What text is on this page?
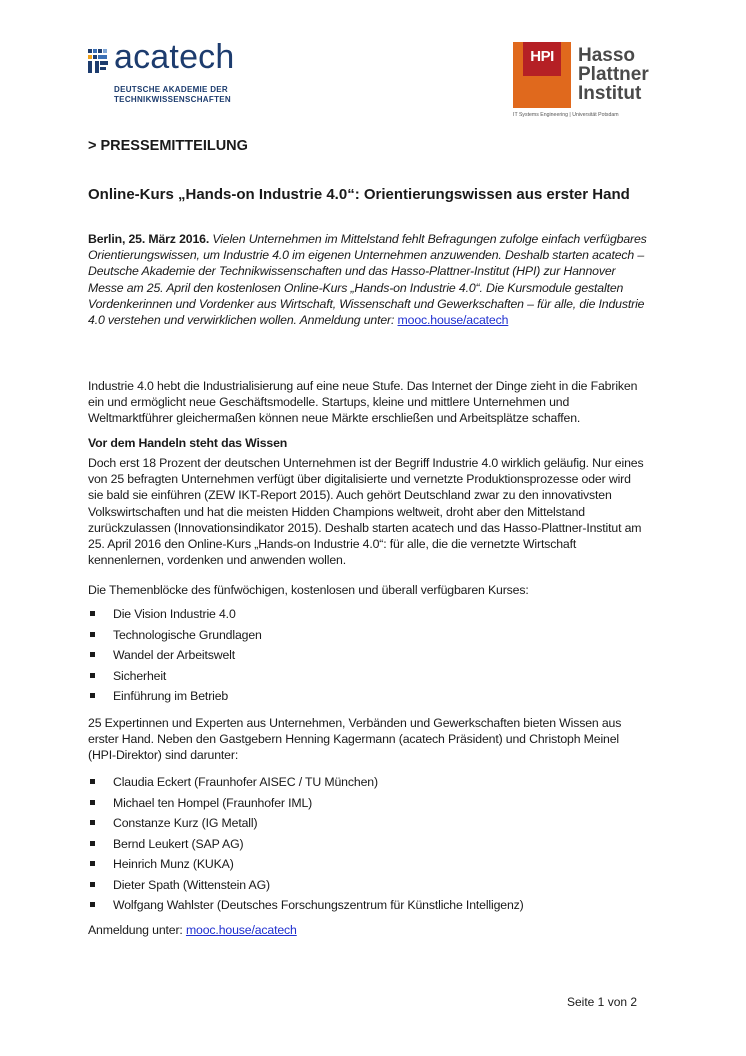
acatech
DEUTSCHE AKADEMIE DER
TECHNIKWISSENSCHAFTEN
HPI	Hasso
Plattner
Institut
IT Systems Engineering | Universität Potsdam
> PRESSEMITTEILUNG
Online-Kurs „Hands-on Industrie 4.0“: Orientierungswissen aus erster Hand
Berlin, 25. März 2016. Vielen Unternehmen im Mittelstand fehlt Befragungen zufolge einfach verfügbares Orientierungswissen, um Industrie 4.0 im eigenen Unternehmen anzuwenden. Deshalb starten acatech – Deutsche Akademie der Technikwissenschaften und das Hasso-Plattner-Institut (HPI) zur Hannover Messe am 25. April den kostenlosen Online-Kurs „Hands-on Industrie 4.0“. Die Kursmodule gestalten Vordenkerinnen und Vordenker aus Wirtschaft, Wissenschaft und Gewerkschaften – für alle, die Industrie 4.0 verstehen und verwirklichen wollen. Anmeldung unter: mooc.house/acatech
Industrie 4.0 hebt die Industrialisierung auf eine neue Stufe. Das Internet der Dinge zieht in die Fabriken ein und ermöglicht neue Geschäftsmodelle. Startups, kleine und mittlere Unternehmen und Weltmarktführer gleichermaßen können neue Märkte erschließen und Arbeitsplätze schaffen.
Vor dem Handeln steht das Wissen
Doch erst 18 Prozent der deutschen Unternehmen ist der Begriff Industrie 4.0 wirklich geläufig. Nur eines von 25 befragten Unternehmen verfügt über digitalisierte und vernetzte Produktionsprozesse oder wird sie bald sie einführen (ZEW IKT-Report 2015). Auch gehört Deutschland zwar zu den innovativsten Volkswirtschaften und hat die meisten Hidden Champions weltweit, droht aber den Mittelstand zurückzulassen (Innovationsindikator 2015). Deshalb starten acatech und das Hasso-Plattner-Institut am 25. April 2016 den Online-Kurs „Hands-on Industrie 4.0“: für alle, die die vernetzte Wirtschaft kennenlernen, vordenken und anwenden wollen.
Die Themenblöcke des fünfwöchigen, kostenlosen und überall verfügbaren Kurses:
Die Vision Industrie 4.0
Technologische Grundlagen
Wandel der Arbeitswelt
Sicherheit
Einführung im Betrieb
25 Expertinnen und Experten aus Unternehmen, Verbänden und Gewerkschaften bieten Wissen aus erster Hand. Neben den Gastgebern Henning Kagermann (acatech Präsident) und Christoph Meinel (HPI-Direktor) sind darunter:
Claudia Eckert (Fraunhofer AISEC / TU München)
Michael ten Hompel (Fraunhofer IML)
Constanze Kurz (IG Metall)
Bernd Leukert (SAP AG)
Heinrich Munz (KUKA)
Dieter Spath (Wittenstein AG)
Wolfgang Wahlster (Deutsches Forschungszentrum für Künstliche Intelligenz)
Anmeldung unter: mooc.house/acatech
Seite 1 von 2
